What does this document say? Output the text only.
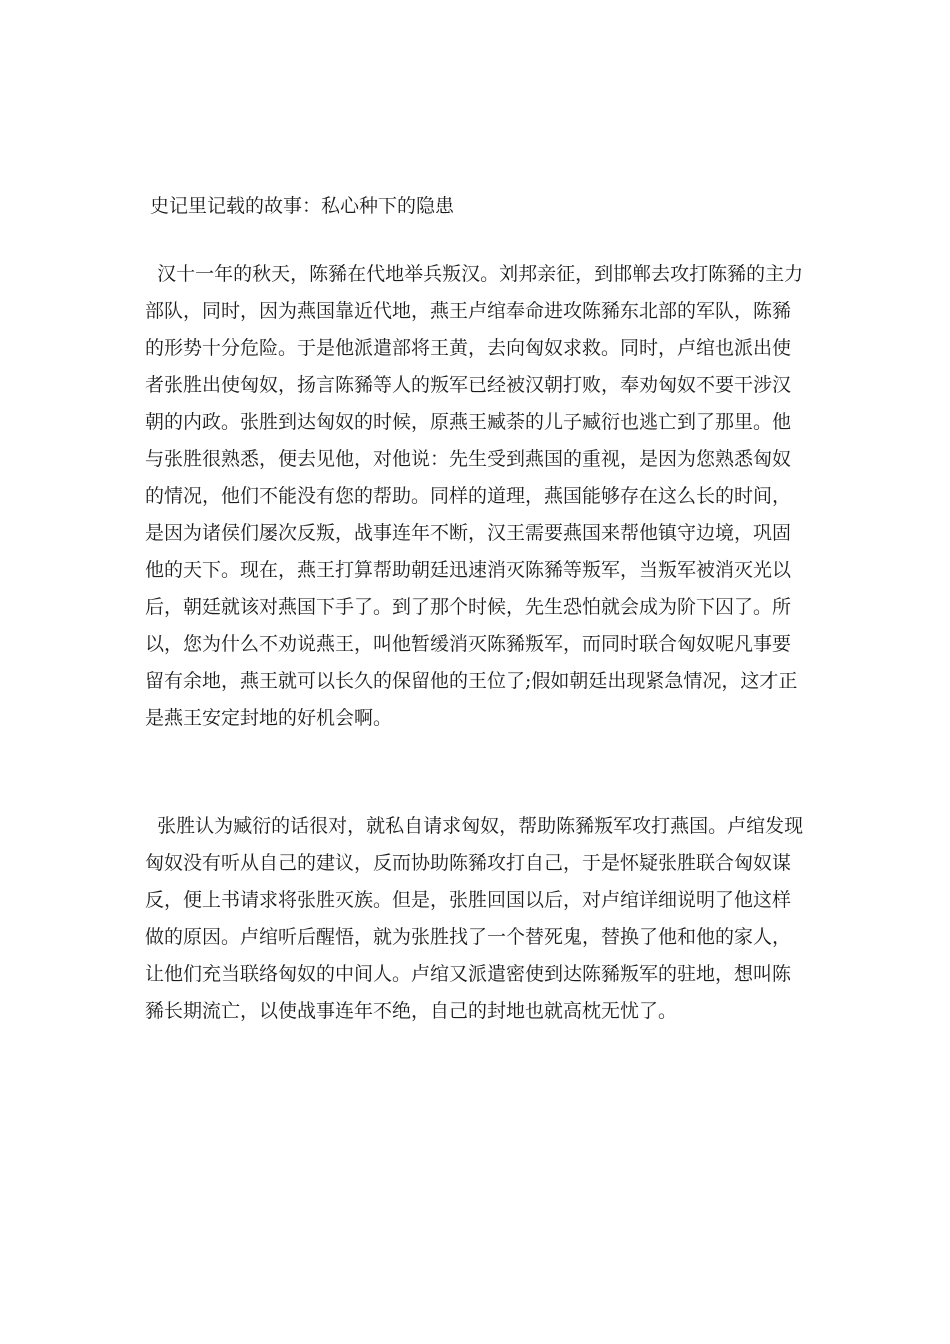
史记里记载的故事：私心种下的隐患

汉十一年的秋天，陈豨在代地举兵叛汉。刘邦亲征，到邯郸去攻打陈豨的主力
部队，同时，因为燕国靠近代地，燕王卢绾奉命进攻陈豨东北部的军队，陈豨
的形势十分危险。于是他派遣部将王黄，去向匈奴求救。同时，卢绾也派出使
者张胜出使匈奴，扬言陈豨等人的叛军已经被汉朝打败，奉劝匈奴不要干涉汉
朝的内政。张胜到达匈奴的时候，原燕王臧荼的儿子臧衍也逃亡到了那里。他
与张胜很熟悉，便去见他，对他说：先生受到燕国的重视，是因为您熟悉匈奴
的情况，他们不能没有您的帮助。同样的道理，燕国能够存在这么长的时间，
是因为诸侯们屡次反叛，战事连年不断，汉王需要燕国来帮他镇守边境，巩固
他的天下。现在，燕王打算帮助朝廷迅速消灭陈豨等叛军，当叛军被消灭光以
后，朝廷就该对燕国下手了。到了那个时候，先生恐怕就会成为阶下囚了。所
以，您为什么不劝说燕王，叫他暂缓消灭陈豨叛军，而同时联合匈奴呢凡事要
留有余地，燕王就可以长久的保留他的王位了;假如朝廷出现紧急情况，这才正
是燕王安定封地的好机会啊。

张胜认为臧衍的话很对，就私自请求匈奴，帮助陈豨叛军攻打燕国。卢绾发现
匈奴没有听从自己的建议，反而协助陈豨攻打自己，于是怀疑张胜联合匈奴谋
反，便上书请求将张胜灭族。但是，张胜回国以后，对卢绾详细说明了他这样
做的原因。卢绾听后醒悟，就为张胜找了一个替死鬼，替换了他和他的家人，
让他们充当联络匈奴的中间人。卢绾又派遣密使到达陈豨叛军的驻地，想叫陈
豨长期流亡，以使战事连年不绝，自己的封地也就高枕无忧了。
